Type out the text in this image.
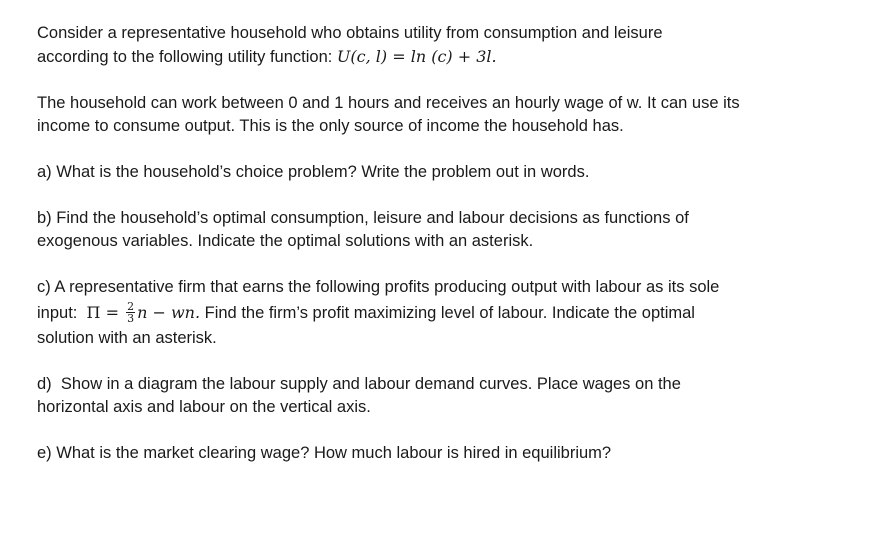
Consider a representative household who obtains utility from consumption and leisure
according to the following utility function: U(c, l) = ln (c) + 3l.

The household can work between 0 and 1 hours and receives an hourly wage of w. It can use its
income to consume output. This is the only source of income the household has.

a) What is the household’s choice problem? Write the problem out in words.

b) Find the household’s optimal consumption, leisure and labour decisions as functions of
exogenous variables. Indicate the optimal solutions with an asterisk.

c) A representative firm that earns the following profits producing output with labour as its sole
input:  $\Pi = \frac{2}{3}$ n − wn. Find the firm’s profit maximizing level of labour. Indicate the optimal
solution with an asterisk.

d)  Show in a diagram the labour supply and labour demand curves. Place wages on the
horizontal axis and labour on the vertical axis.

e) What is the market clearing wage? How much labour is hired in equilibrium?
